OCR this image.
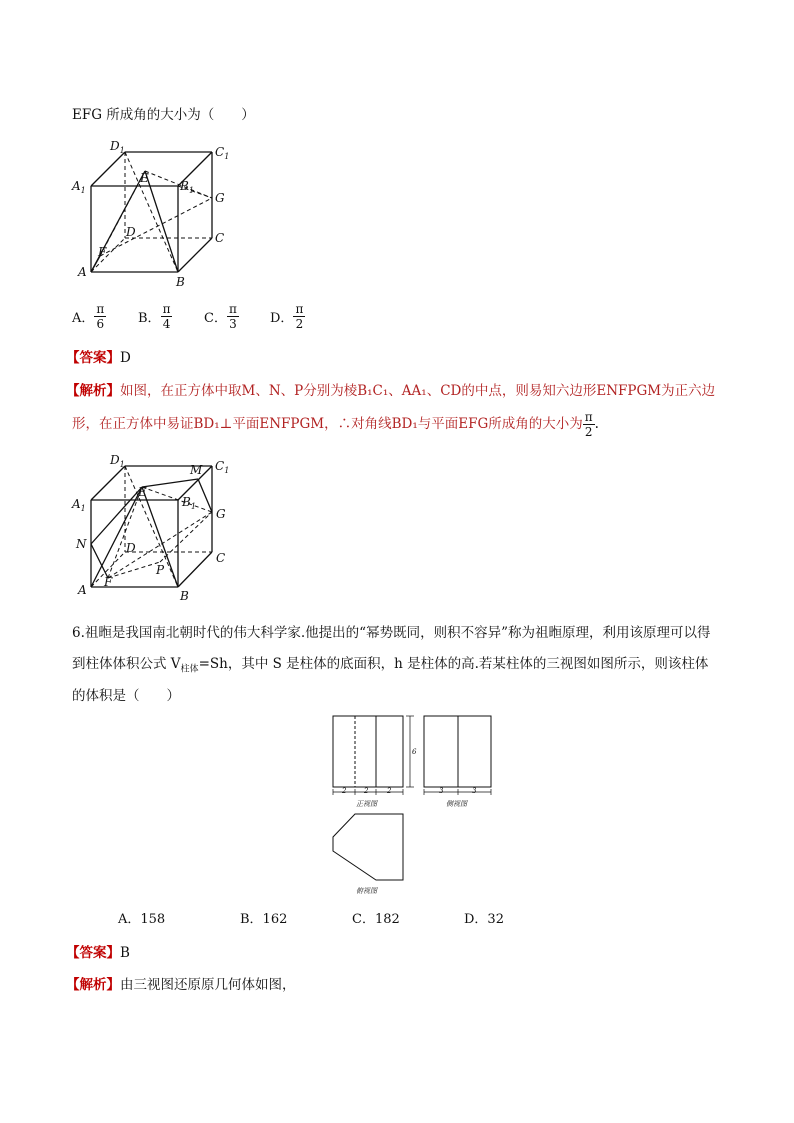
EFG 所成角的大小为（　　）
$D_1$	$C_1$
$A_1$
E
$B_1$
G
D	C
F
A
B
A． $\frac{\pi}{6}$ B． $\frac{\pi}{4}$ C． $\frac{\pi}{3}$ D． $\frac{\pi}{2}$
【答案】D
【解析】如图，在正方体中取M、N、P分别为棱B₁C₁、AA₁、CD的中点，则易知六边形ENFPGM为正六边
形，在正方体中易证BD₁⊥平面ENFPGM，∴对角线BD₁与平面EFG所成角的大小为 $\frac{\pi}{2}$ .
$D_1$	M $C_1$
$A_1$
E
$B_1$
G
N	D
C
P
F
A	B
6.祖暅是我国南北朝时代的伟大科学家.他提出的“幂势既同，则积不容异”称为祖暅原理，利用该原理可以得
到柱体体积公式 $V_{柱体}=Sh$，其中 S 是柱体的底面积，h 是柱体的高.若某柱体的三视图如图所示，则该柱体
的体积是（　　）
2	2	2
6
3	3
正视图	侧视图
俯视图
A．158	B．162	C．182	D．32
【答案】B
【解析】由三视图还原原几何体如图，
